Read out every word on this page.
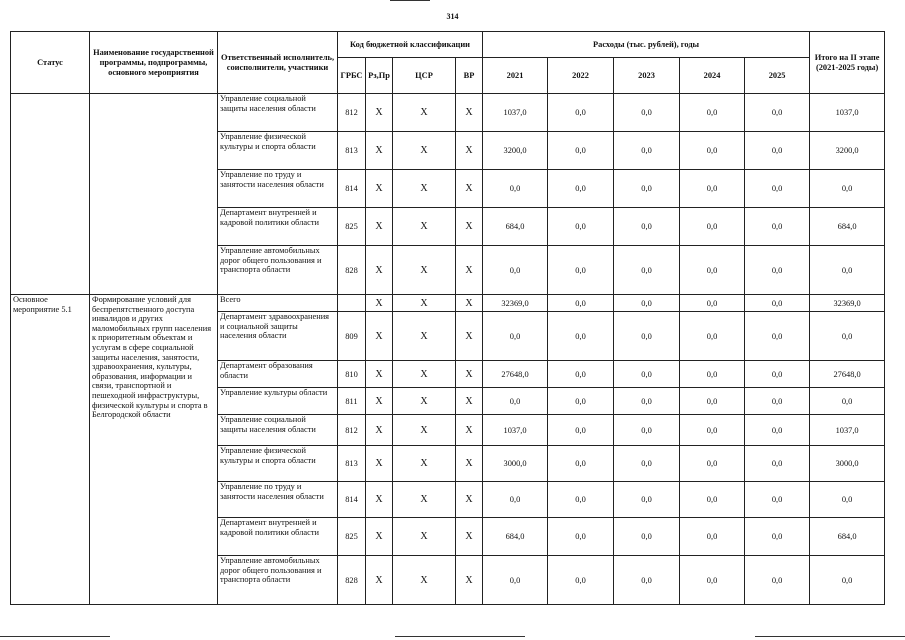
314
Статус	Наименование государственной программы, подпрограммы, основного мероприятия	Ответственный исполнитель, соисполнители, участники	Код бюджетной классификации				Расходы (тыс. рублей), годы					Итого на II этапе (2021-2025 годы)
			ГРБС	Рз,Пр	ЦСР	ВР	2021	2022	2023	2024	2025	
		Управление социальной защиты населения области	812	Х	Х	Х	1037,0	0,0	0,0	0,0	0,0	1037,0
		Управление физической культуры и спорта области	813	Х	Х	Х	3200,0	0,0	0,0	0,0	0,0	3200,0
		Управление по труду и занятости населения области	814	Х	Х	Х	0,0	0,0	0,0	0,0	0,0	0,0
		Департамент внутренней и кадровой политики области	825	Х	Х	Х	684,0	0,0	0,0	0,0	0,0	684,0
		Управление автомобильных дорог общего пользования и транспорта области	828	Х	Х	Х	0,0	0,0	0,0	0,0	0,0	0,0
Основное мероприятие 5.1	Формирование условий для беспрепятственного доступа инвалидов и других маломобильных групп населения к приоритетным объектам и услугам в сфере социальной защиты населения, занятости, здравоохранения, культуры, образования, информации и связи, транспортной и пешеходной инфраструктуры, физической культуры и спорта в Белгородской области	Всего		Х	Х	Х	32369,0	0,0	0,0	0,0	0,0	32369,0
		Департамент здравоохранения и социальной защиты населения области	809	Х	Х	Х	0,0	0,0	0,0	0,0	0,0	0,0
		Департамент образования области	810	Х	Х	Х	27648,0	0,0	0,0	0,0	0,0	27648,0
		Управление культуры области	811	Х	Х	Х	0,0	0,0	0,0	0,0	0,0	0,0
		Управление социальной защиты населения области	812	Х	Х	Х	1037,0	0,0	0,0	0,0	0,0	1037,0
		Управление физической культуры и спорта области	813	Х	Х	Х	3000,0	0,0	0,0	0,0	0,0	3000,0
		Управление по труду и занятости населения области	814	Х	Х	Х	0,0	0,0	0,0	0,0	0,0	0,0
		Департамент внутренней и кадровой политики области	825	Х	Х	Х	684,0	0,0	0,0	0,0	0,0	684,0
		Управление автомобильных дорог общего пользования и транспорта области	828	Х	Х	Х	0,0	0,0	0,0	0,0	0,0	0,0
